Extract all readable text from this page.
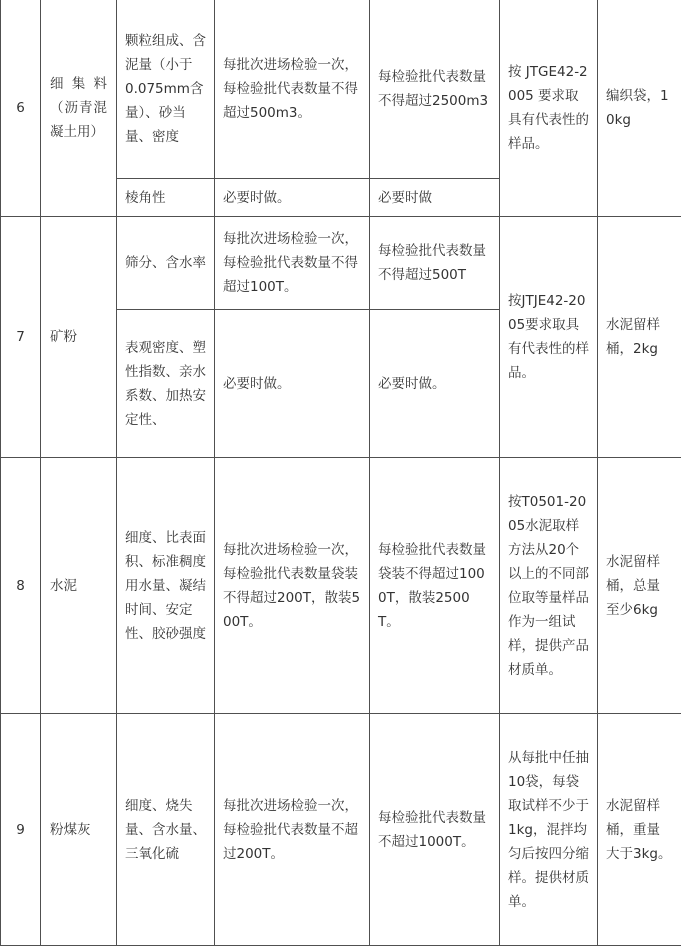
6	细集料（沥青混凝土用）	颗粒组成、含泥量（小于 0.075mm含量）、砂当量、密度	每批次进场检验一次，每检验批代表数量不得超过500m3。	每检验批代表数量不得超过2500m3	按 JTGE42-2005 要求取具有代表性的样品。	编织袋，10kg
		棱角性	必要时做。	必要时做		
7	矿粉	筛分、含水率	每批次进场检验一次，每检验批代表数量不得超过100T。	每检验批代表数量不得超过500T	按JTJE42-2005要求取具有代表性的样品。	水泥留样桶，2kg
		表观密度、塑性指数、亲水系数、加热安定性、	必要时做。	必要时做。		
8	水泥	细度、比表面积、标准稠度用水量、凝结时间、安定性、胶砂强度	每批次进场检验一次，每检验批代表数量袋装不得超过200T，散装500T。	每检验批代表数量袋装不得超过1000T，散装2500T。	按T0501-2005水泥取样方法从20个以上的不同部位取等量样品作为一组试样，提供产品材质单。	水泥留样桶，总量至少6kg
9	粉煤灰	细度、烧失量、含水量、三氧化硫	每批次进场检验一次，每检验批代表数量不超过200T。	每检验批代表数量不超过1000T。	从每批中任抽10袋，每袋取试样不少于1kg，混拌均匀后按四分缩样。提供材质单。	水泥留样桶，重量大于3kg。
